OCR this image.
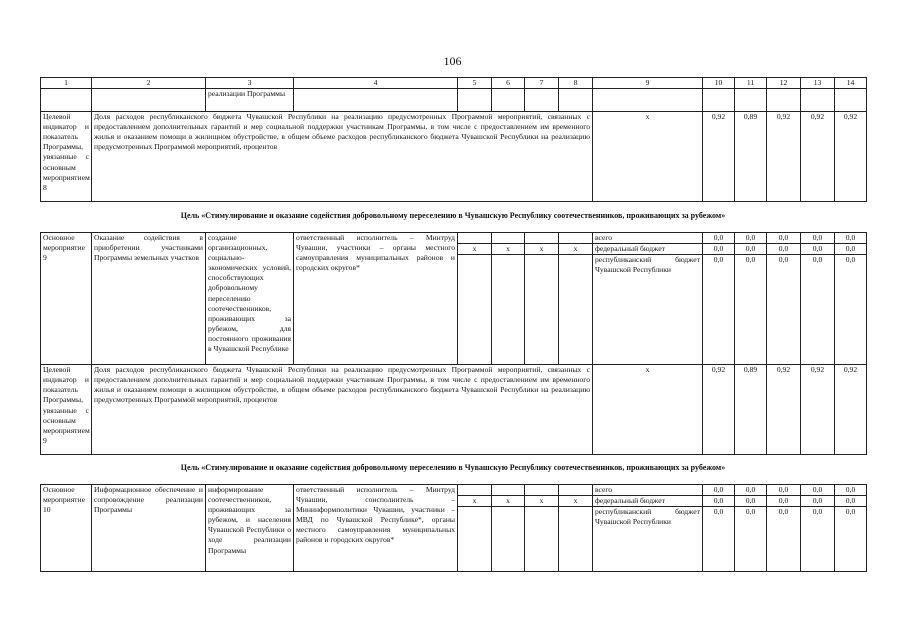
106
1	2	3	4	5	6	7	8	9	10	11	12	13	14
		реализации Программы											
Целевой индикатор и показатель Программы, увязанные с основным мероприятием 8	Доля расходов республиканского бюджета Чувашской Республики на реализацию предусмотренных Программой мероприятий, связанных с предоставлением дополнительных гарантий и мер социальной поддержки участникам Программы, в том числе с предоставлением им временного жилья и оказанием помощи в жилищном обустройстве, в общем объеме расходов республиканского бюджета Чувашской Республики на реализацию предусмотренных Программой мероприятий, процентов							x	0,92	0,89	0,92	0,92	0,92
Цель «Стимулирование и оказание содействия добровольному переселению в Чувашскую Республику соотечественников, проживающих за рубежом»
Основное мероприятие 9	Оказание содействия в приобретении участниками Программы земельных участков	создание организационных, социально-экономических условий, способствующих добровольному переселению соотечественников, проживающих за рубежом, для постоянного проживания в Чувашской Республике	ответственный исполнитель – Минтруд Чувашии, участники – органы местного самоуправления муниципальных районов и городских округов*					всего	0,0	0,0	0,0	0,0	0,0
				x	x	x	x	федеральный бюджет	0,0	0,0	0,0	0,0	0,0
								республиканский бюджет Чувашской Республики	0,0	0,0	0,0	0,0	0,0
Целевой индикатор и показатель Программы, увязанные с основным мероприятием 9	Доля расходов республиканского бюджета Чувашской Республики на реализацию предусмотренных Программой мероприятий, связанных с предоставлением дополнительных гарантий и мер социальной поддержки участникам Программы, в том числе с предоставлением им временного жилья и оказанием помощи в жилищном обустройстве, в общем объеме расходов республиканского бюджета Чувашской Республики на реализацию предусмотренных Программой мероприятий, процентов							x	0,92	0,89	0,92	0,92	0,92
Цель «Стимулирование и оказание содействия добровольному переселению в Чувашскую Республику соотечественников, проживающих за рубежом»
Основное мероприятие 10	Информационное обеспечение и сопровождение реализации Программы	информирование соотечественников, проживающих за рубежом, и населения Чувашской Республики о ходе реализации Программы	ответственный исполнитель – Минтруд Чувашии, соисполнитель – Мининформполитики Чувашии, участники – МВД по Чувашской Республике*, органы местного самоуправления муниципальных районов и городских округов*					всего	0,0	0,0	0,0	0,0	0,0
				x	x	x	x	федеральный бюджет	0,0	0,0	0,0	0,0	0,0
								республиканский бюджет Чувашской Республики	0,0	0,0	0,0	0,0	0,0
